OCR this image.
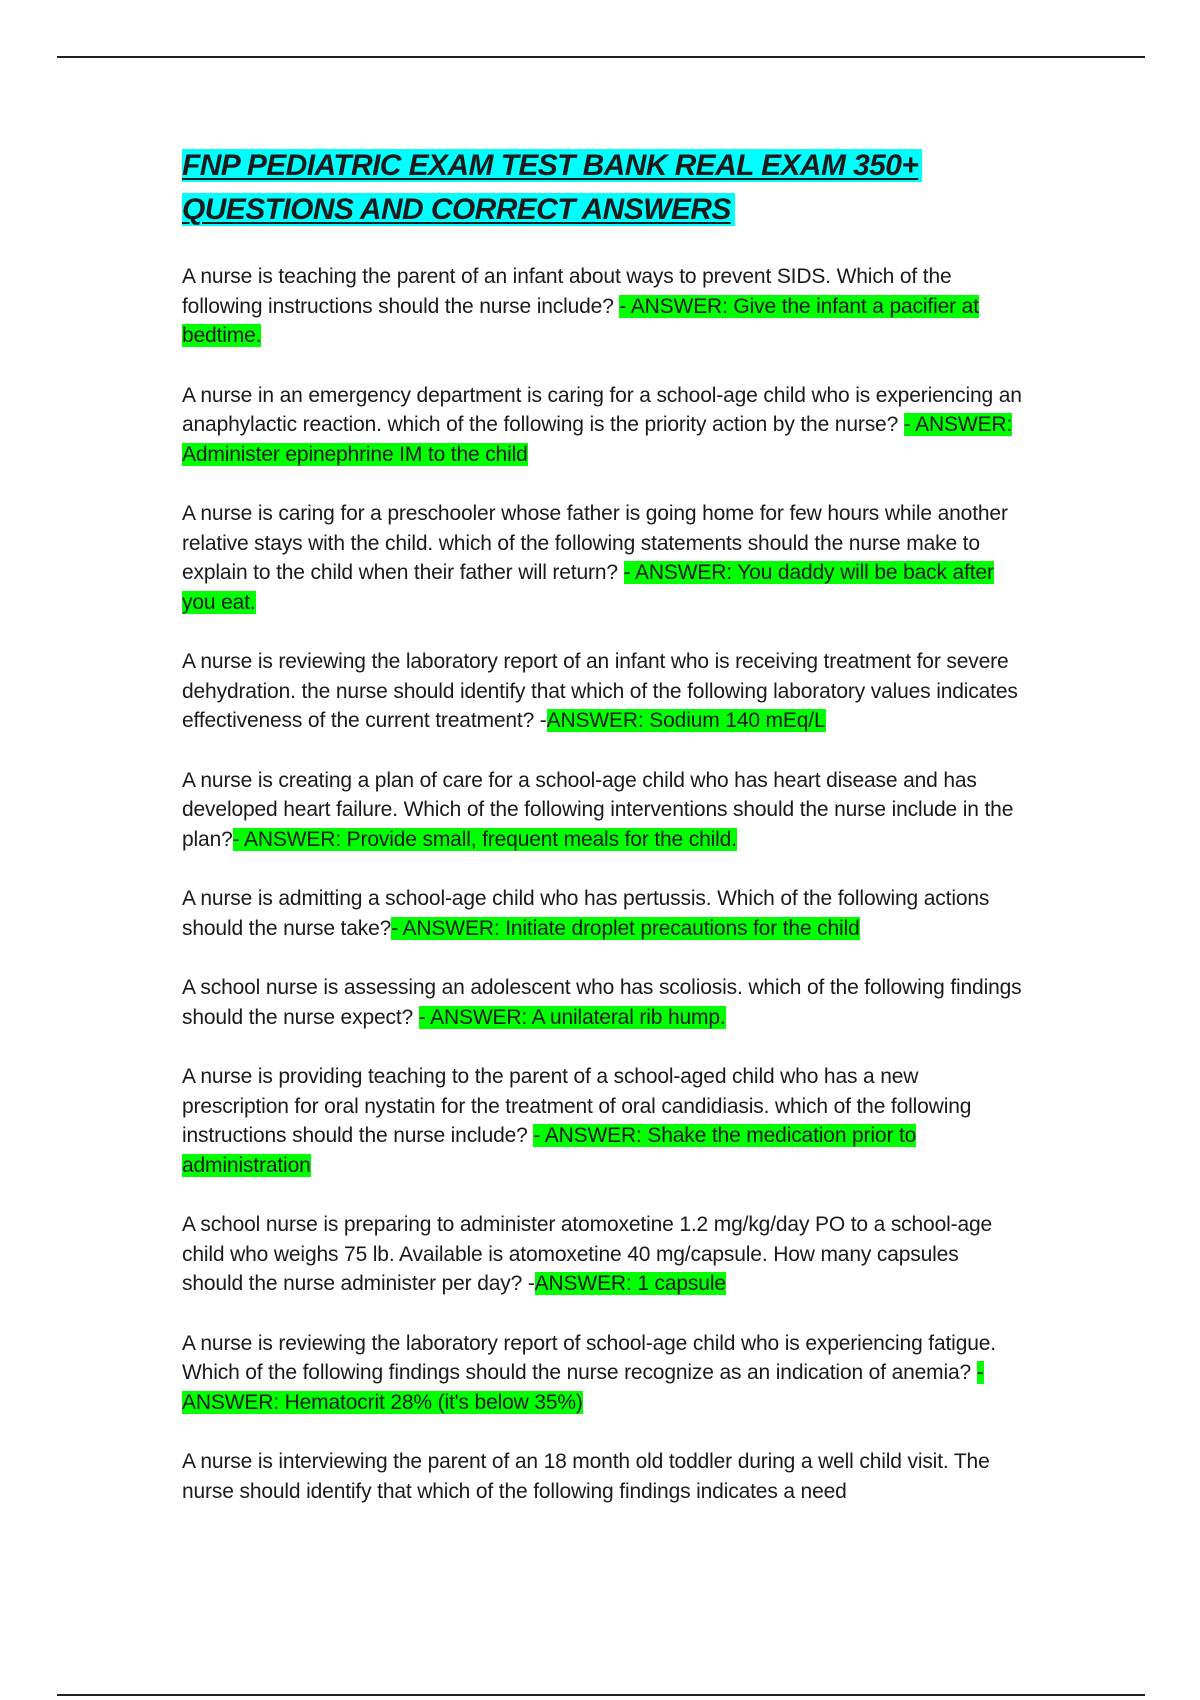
FNP PEDIATRIC EXAM TEST BANK REAL EXAM 350+
QUESTIONS AND CORRECT ANSWERS

A nurse is teaching the parent of an infant about ways to prevent SIDS. Which of the following instructions should the nurse include? - ANSWER: Give the infant a pacifier at bedtime.

A nurse in an emergency department is caring for a school-age child who is experiencing an anaphylactic reaction. which of the following is the priority action by the nurse? - ANSWER: Administer epinephrine IM to the child

A nurse is caring for a preschooler whose father is going home for few hours while another relative stays with the child. which of the following statements should the nurse make to explain to the child when their father will return? - ANSWER: You daddy will be back after you eat.

A nurse is reviewing the laboratory report of an infant who is receiving treatment for severe dehydration. the nurse should identify that which of the following laboratory values indicates effectiveness of the current treatment? -ANSWER: Sodium 140 mEq/L

A nurse is creating a plan of care for a school-age child who has heart disease and has developed heart failure. Which of the following interventions should the nurse include in the plan?- ANSWER: Provide small, frequent meals for the child.

A nurse is admitting a school-age child who has pertussis. Which of the following actions should the nurse take?- ANSWER: Initiate droplet precautions for the child

A school nurse is assessing an adolescent who has scoliosis. which of the following findings should the nurse expect? - ANSWER: A unilateral rib hump.

A nurse is providing teaching to the parent of a school-aged child who has a new prescription for oral nystatin for the treatment of oral candidiasis. which of the following instructions should the nurse include? - ANSWER: Shake the medication prior to administration

A school nurse is preparing to administer atomoxetine 1.2 mg/kg/day PO to a school-age child who weighs 75 lb. Available is atomoxetine 40 mg/capsule. How many capsules should the nurse administer per day? -ANSWER: 1 capsule

A nurse is reviewing the laboratory report of school-age child who is experiencing fatigue. Which of the following findings should the nurse recognize as an indication of anemia? - ANSWER: Hematocrit 28% (it's below 35%)

A nurse is interviewing the parent of an 18 month old toddler during a well child visit. The nurse should identify that which of the following findings indicates a need
